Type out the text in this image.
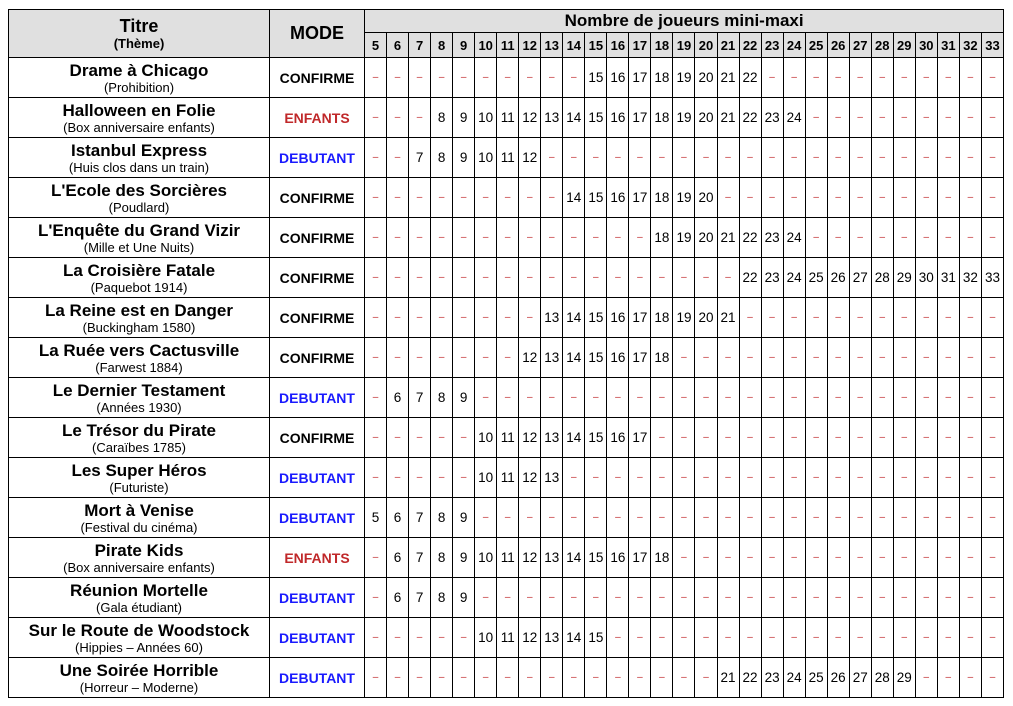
Titre
(Thème)	MODE	Nombre de joueurs mini-maxi																												
		5	6	7	8	9	10	11	12	13	14	15	16	17	18	19	20	21	22	23	24	25	26	27	28	29	30	31	32	33

Drame à Chicago
(Prohibition)	CONFIRME	–	–	–	–	–	–	–	–	–	–	15	16	17	18	19	20	21	22	–	–	–	–	–	–	–	–	–	–	–

Halloween en Folie
(Box anniversaire enfants)	ENFANTS	–	–	–	8	9	10	11	12	13	14	15	16	17	18	19	20	21	22	23	24	–	–	–	–	–	–	–	–	–

Istanbul Express
(Huis clos dans un train)	DEBUTANT	–	–	7	8	9	10	11	12	–	–	–	–	–	–	–	–	–	–	–	–	–	–	–	–	–	–	–	–	–

L'Ecole des Sorcières
(Poudlard)	CONFIRME	–	–	–	–	–	–	–	–	–	14	15	16	17	18	19	20	–	–	–	–	–	–	–	–	–	–	–	–	–

L'Enquête du Grand Vizir
(Mille et Une Nuits)	CONFIRME	–	–	–	–	–	–	–	–	–	–	–	–	–	18	19	20	21	22	23	24	–	–	–	–	–	–	–	–	–

La Croisière Fatale
(Paquebot 1914)	CONFIRME	–	–	–	–	–	–	–	–	–	–	–	–	–	–	–	–	–	22	23	24	25	26	27	28	29	30	31	32	33

La Reine est en Danger
(Buckingham 1580)	CONFIRME	–	–	–	–	–	–	–	–	13	14	15	16	17	18	19	20	21	–	–	–	–	–	–	–	–	–	–	–	–

La Ruée vers Cactusville
(Farwest 1884)	CONFIRME	–	–	–	–	–	–	–	12	13	14	15	16	17	18	–	–	–	–	–	–	–	–	–	–	–	–	–	–	–

Le Dernier Testament
(Années 1930)	DEBUTANT	–	6	7	8	9	–	–	–	–	–	–	–	–	–	–	–	–	–	–	–	–	–	–	–	–	–	–	–	–

Le Trésor du Pirate
(Caraïbes 1785)	CONFIRME	–	–	–	–	–	10	11	12	13	14	15	16	17	–	–	–	–	–	–	–	–	–	–	–	–	–	–	–	–

Les Super Héros
(Futuriste)	DEBUTANT	–	–	–	–	–	10	11	12	13	–	–	–	–	–	–	–	–	–	–	–	–	–	–	–	–	–	–	–	–

Mort à Venise
(Festival du cinéma)	DEBUTANT	5	6	7	8	9	–	–	–	–	–	–	–	–	–	–	–	–	–	–	–	–	–	–	–	–	–	–	–	–

Pirate Kids
(Box anniversaire enfants)	ENFANTS	–	6	7	8	9	10	11	12	13	14	15	16	17	18	–	–	–	–	–	–	–	–	–	–	–	–	–	–	–

Réunion Mortelle
(Gala étudiant)	DEBUTANT	–	6	7	8	9	–	–	–	–	–	–	–	–	–	–	–	–	–	–	–	–	–	–	–	–	–	–	–	–

Sur le Route de Woodstock
(Hippies – Années 60)	DEBUTANT	–	–	–	–	–	10	11	12	13	14	15	–	–	–	–	–	–	–	–	–	–	–	–	–	–	–	–	–	–

Une Soirée Horrible
(Horreur – Moderne)	DEBUTANT	–	–	–	–	–	–	–	–	–	–	–	–	–	–	–	–	21	22	23	24	25	26	27	28	29	–	–	–	–
